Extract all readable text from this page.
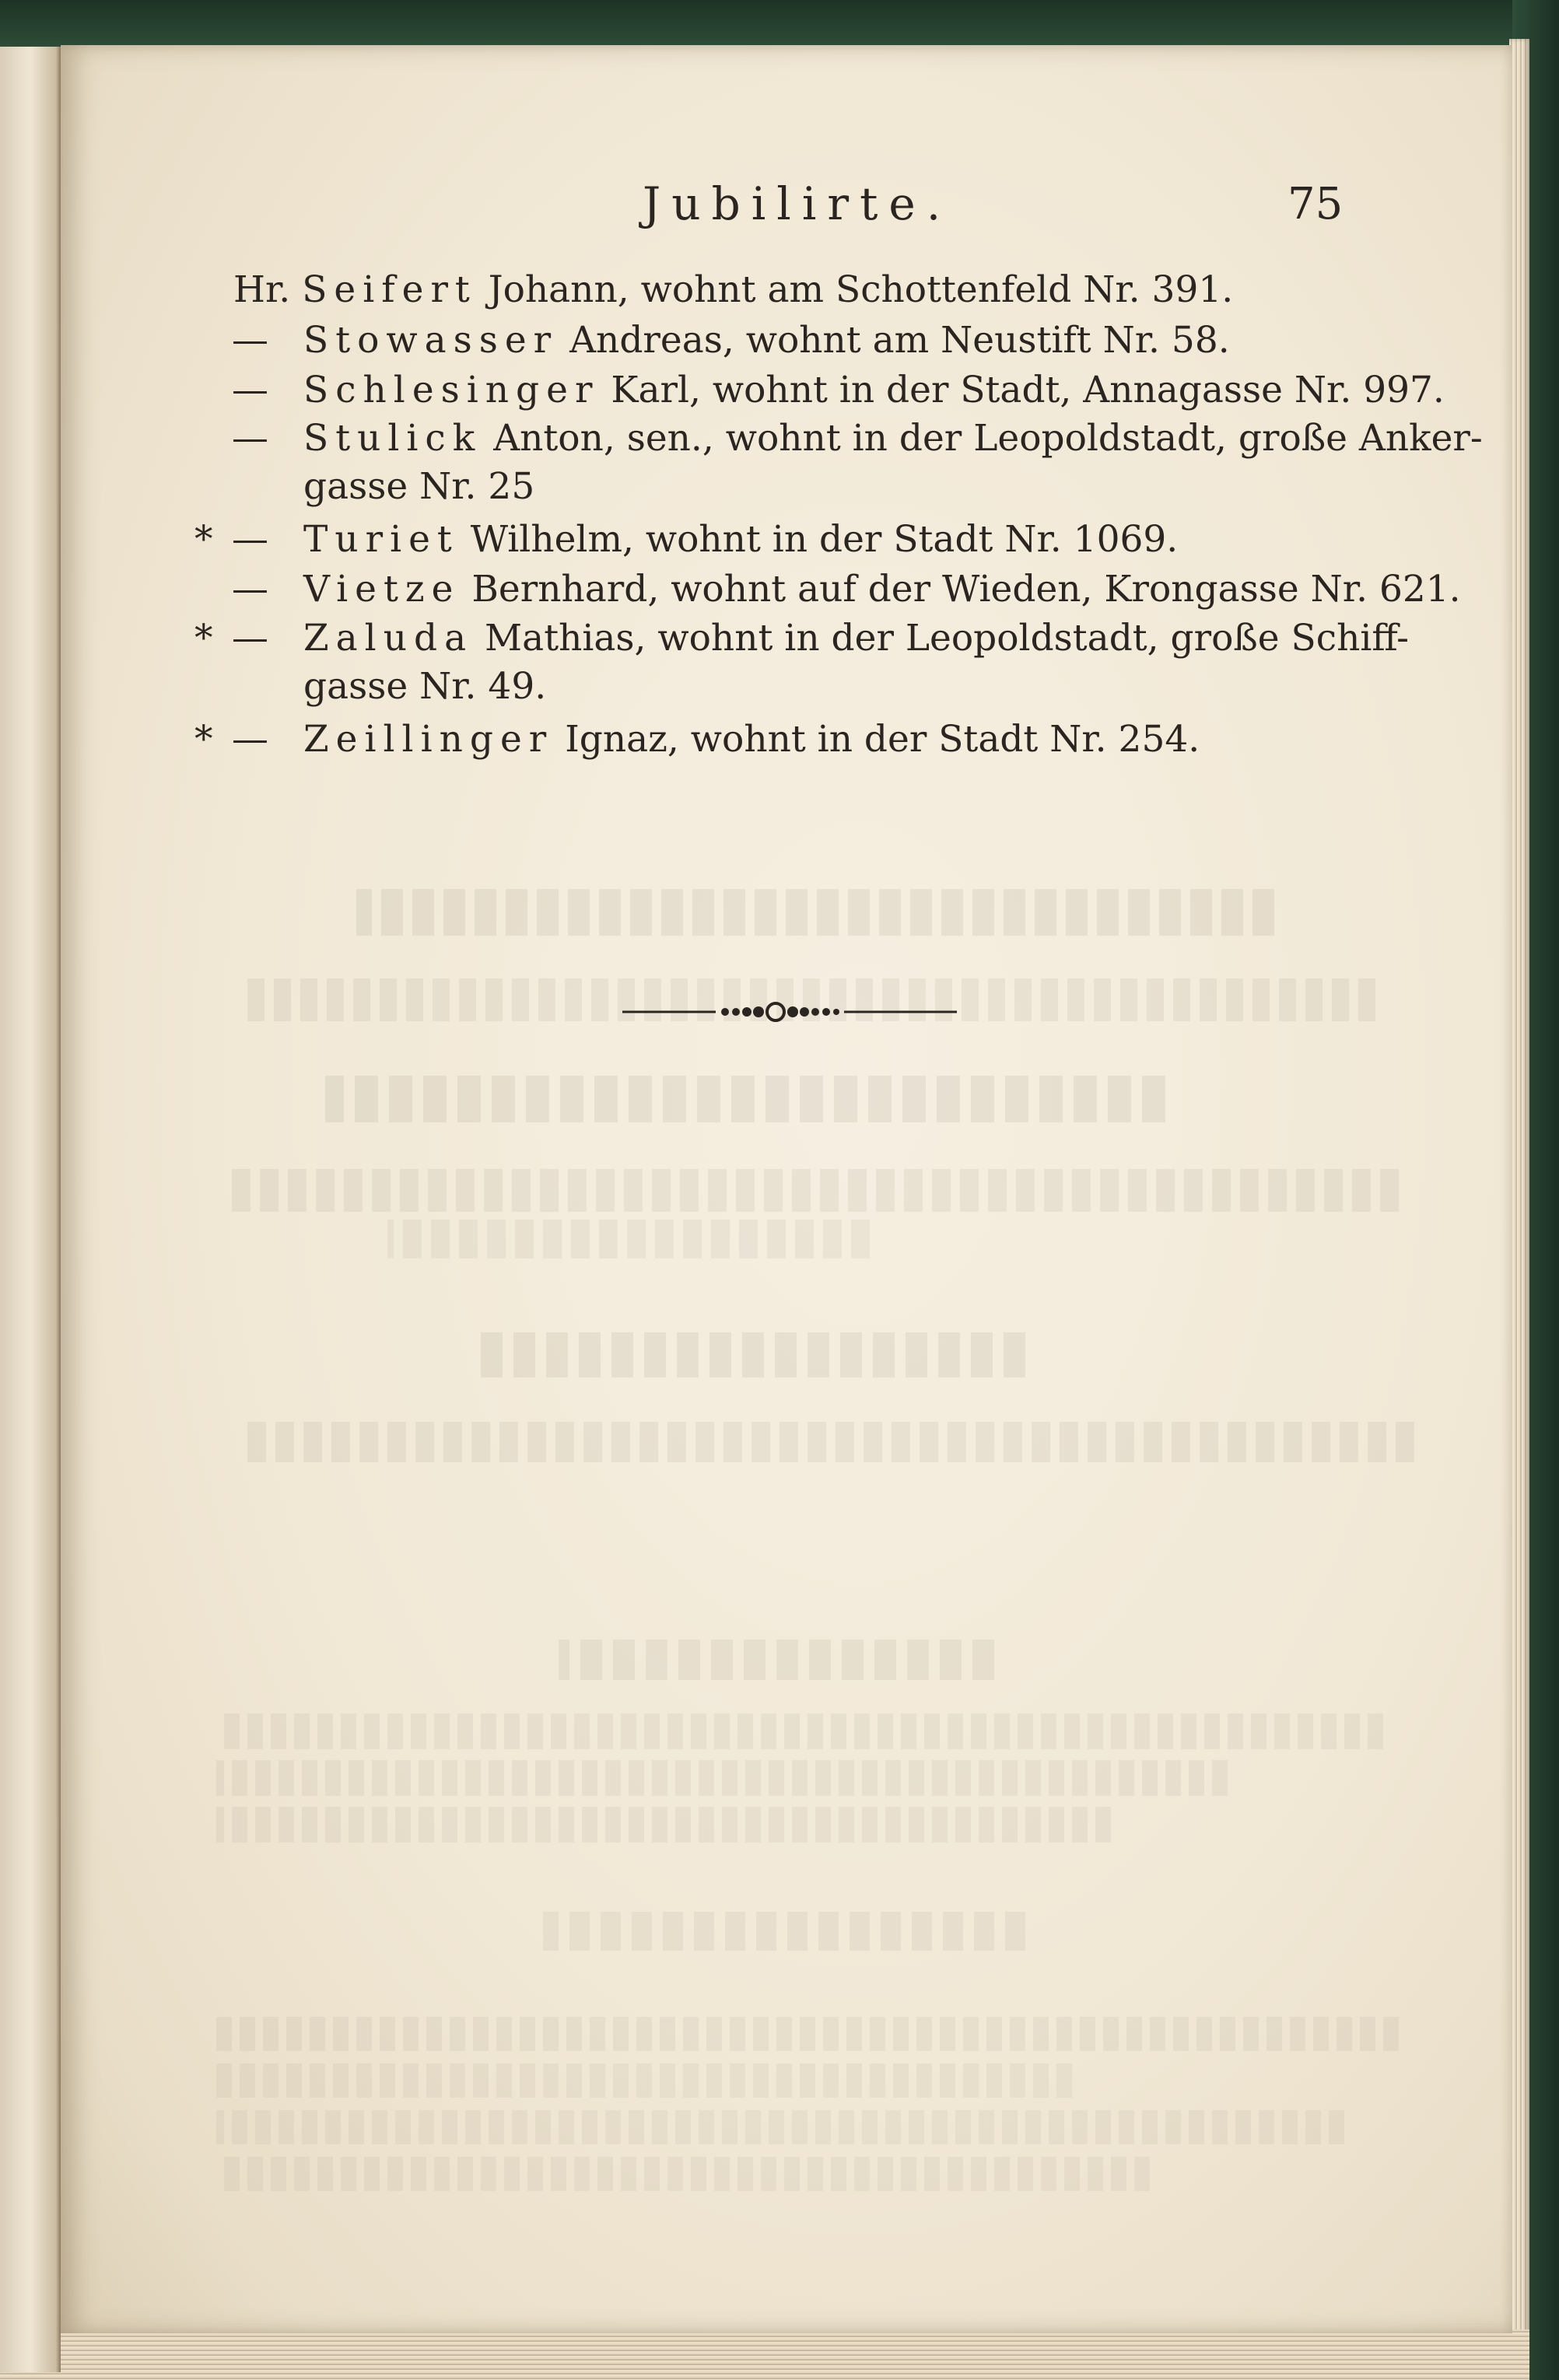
Jubilirte.	75
Hr. Seifert Johann, wohnt am Schottenfeld Nr. 391.
— Stowasser Andreas, wohnt am Neustift Nr. 58.
— Schlesinger Karl, wohnt in der Stadt, Annagasse Nr. 997.
— Stulick Anton, sen., wohnt in der Leopoldstadt, große Anker-
gasse Nr. 25
* — Turiet Wilhelm, wohnt in der Stadt Nr. 1069.
— Vietze Bernhard, wohnt auf der Wieden, Krongasse Nr. 621.
* — Zaluda Mathias, wohnt in der Leopoldstadt, große Schiff-
gasse Nr. 49.
* — Zeillinger Ignaz, wohnt in der Stadt Nr. 254.
